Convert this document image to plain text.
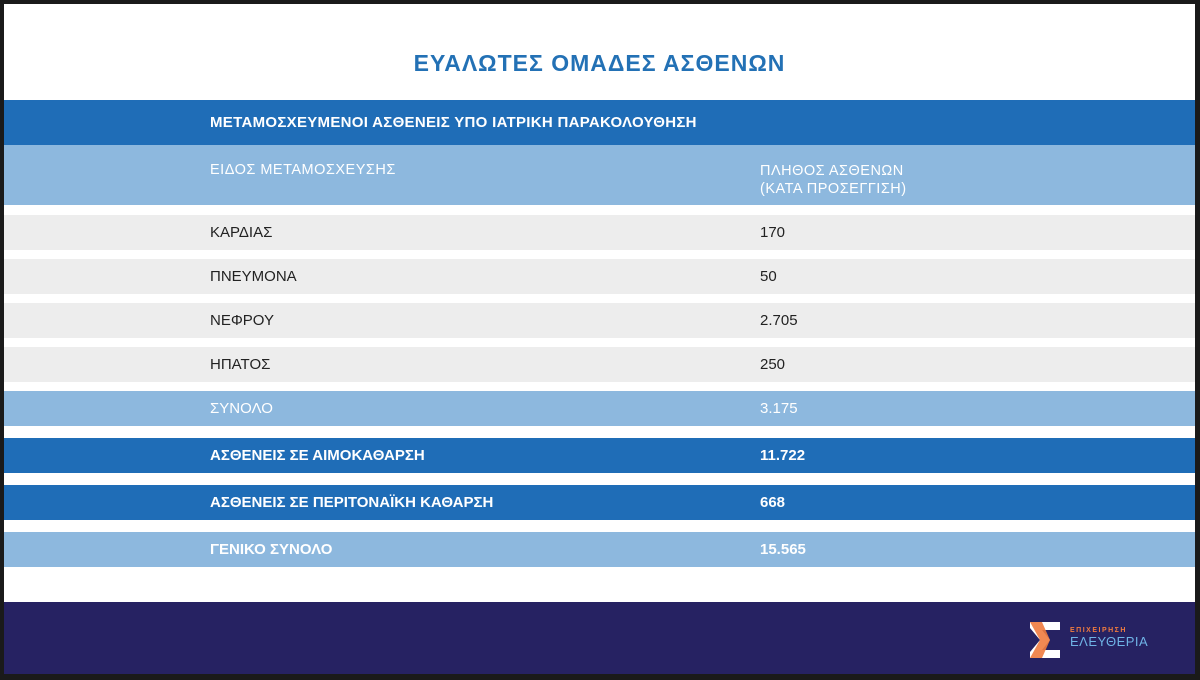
ΕΥΑΛΩΤΕΣ ΟΜΑΔΕΣ ΑΣΘΕΝΩΝ
ΜΕΤΑΜΟΣΧΕΥΜΕΝΟΙ ΑΣΘΕΝΕΙΣ ΥΠΟ ΙΑΤΡΙΚΗ ΠΑΡΑΚΟΛΟΥΘΗΣΗ
ΕΙΔΟΣ ΜΕΤΑΜΟΣΧΕΥΣΗΣ	ΠΛΗΘΟΣ ΑΣΘΕΝΩΝ
(ΚΑΤΑ ΠΡΟΣΕΓΓΙΣΗ)
ΚΑΡΔΙΑΣ	170
ΠΝΕΥΜΟΝΑ	50
ΝΕΦΡΟΥ	2.705
ΗΠΑΤΟΣ	250
ΣΥΝΟΛΟ	3.175
ΑΣΘΕΝΕΙΣ ΣΕ ΑΙΜΟΚΑΘΑΡΣΗ	11.722
ΑΣΘΕΝΕΙΣ ΣΕ ΠΕΡΙΤΟΝΑΪΚΗ ΚΑΘΑΡΣΗ	668
ΓΕΝΙΚΟ ΣΥΝΟΛΟ	15.565
ΕΠΙΧΕΙΡΗΣΗ
ΕΛΕΥΘΕΡΙΑ
